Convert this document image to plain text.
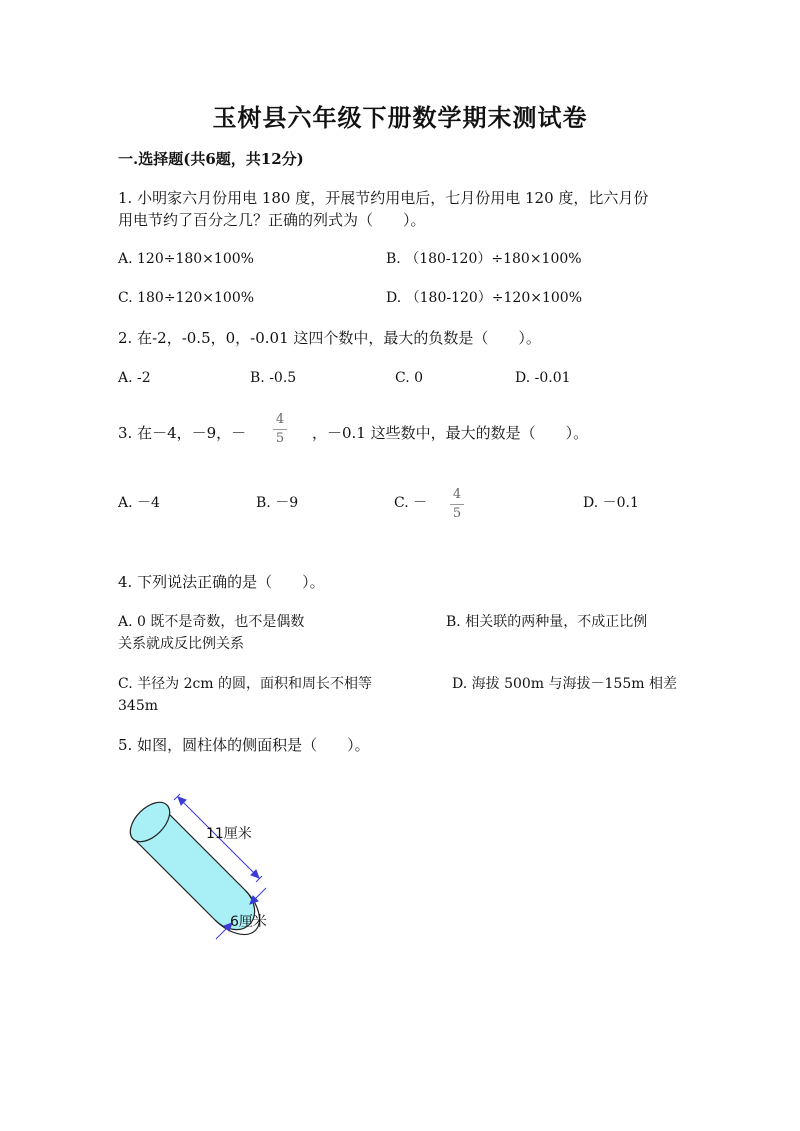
玉树县六年级下册数学期末测试卷
一.选择题(共6题，共12分)
1. 小明家六月份用电 180 度，开展节约用电后，七月份用电 120 度，比六月份
用电节约了百分之几？正确的列式为（　　）。
A. 120÷180×100%	B. （180-120）÷180×100%
C. 180÷120×100%	D. （180-120）÷120×100%
2. 在-2，-0.5，0，-0.01 这四个数中，最大的负数是（　　）。
A. -2	B. -0.5	C. 0	D. -0.01
3. 在－4，－9，－
4
5 ，－0.1 这些数中，最大的数是（　　）。
A. －4	B. －9	C. －
4
5
D. －0.1
4. 下列说法正确的是（　　）。
A. 0 既不是奇数，也不是偶数	B. 相关联的两种量，不成正比例
关系就成反比例关系
C. 半径为 2cm 的圆，面积和周长不相等	D. 海拔 500m 与海拔－155m 相差
345m
5. 如图，圆柱体的侧面积是（　　）。
11厘米
6厘米
